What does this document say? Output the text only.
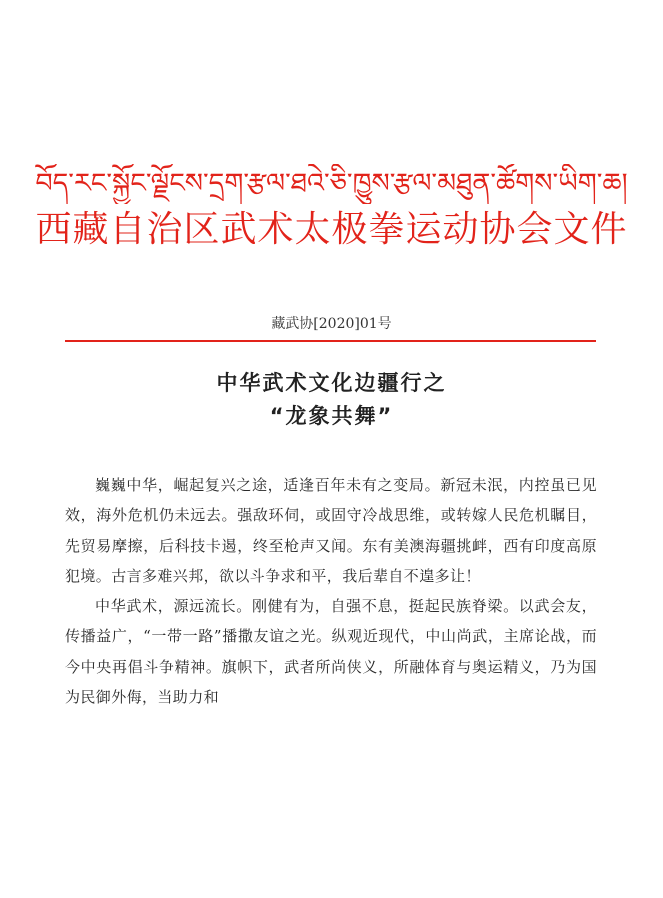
བོད་རང་སྐྱོང་ལྗོངས་དྲག་རྩལ་ཐའེ་ཅི་ཁྱུས་རྩལ་མཐུན་ཚོགས་ཡིག་ཆ།
西藏自治区武术太极拳运动协会文件
藏武协[2020]01号
中华武术文化边疆行之
“龙象共舞”

巍巍中华，崛起复兴之途，适逢百年未有之变局。新冠未泯，内控虽已见效，海外危机仍未远去。强敌环伺，或固守冷战思维，或转嫁人民危机瞩目，先贸易摩擦，后科技卡遏，终至枪声又闻。东有美澳海疆挑衅，西有印度高原犯境。古言多难兴邦，欲以斗争求和平，我后辈自不遑多让！

中华武术，源远流长。刚健有为，自强不息，挺起民族脊梁。以武会友，传播益广，“一带一路”播撒友谊之光。纵观近现代，中山尚武，主席论战，而今中央再倡斗争精神。旗帜下，武者所尚侠义，所融体育与奥运精义，乃为国为民御外侮，当助力和
